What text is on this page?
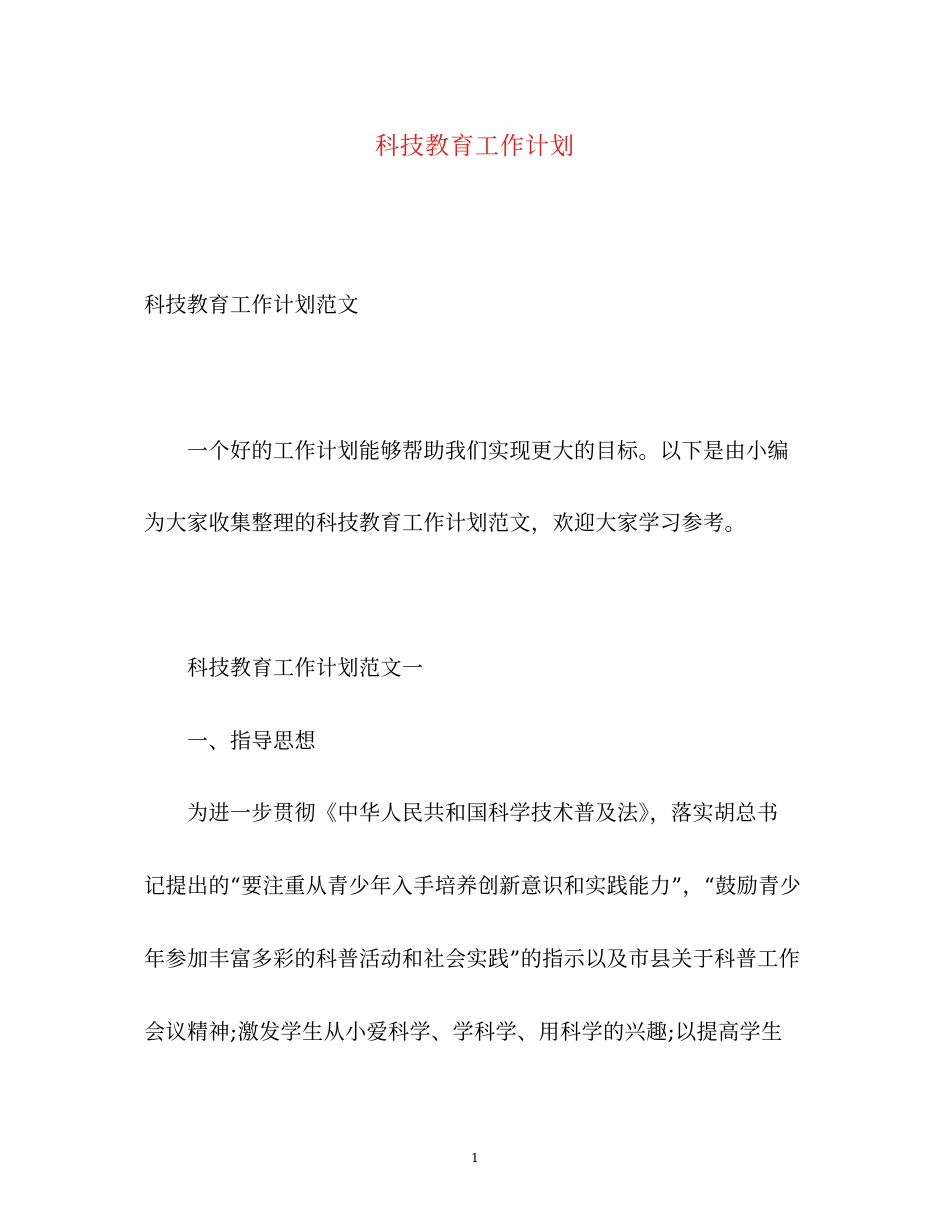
科技教育工作计划
科技教育工作计划范文
一个好的工作计划能够帮助我们实现更大的目标。以下是由小编
为大家收集整理的科技教育工作计划范文，欢迎大家学习参考。
科技教育工作计划范文一
一、指导思想
为进一步贯彻《中华人民共和国科学技术普及法》，落实胡总书
记提出的“要注重从青少年入手培养创新意识和实践能力”，“鼓励青少
年参加丰富多彩的科普活动和社会实践”的指示以及市县关于科普工作
会议精神;激发学生从小爱科学、学科学、用科学的兴趣;以提高学生
1
